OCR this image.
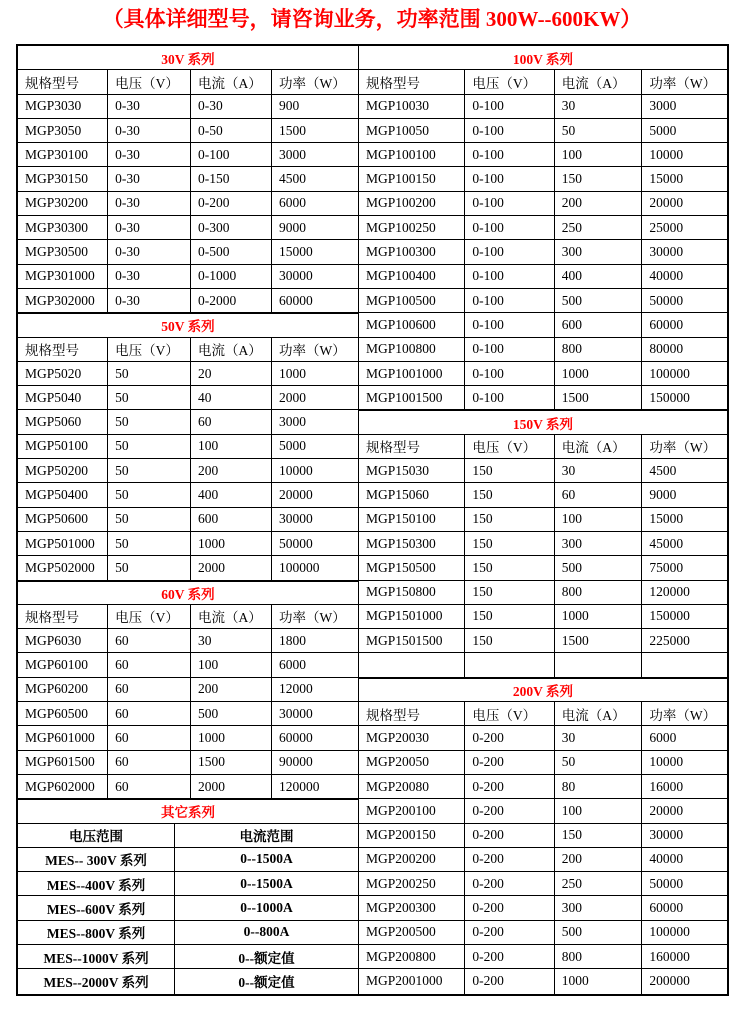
（具体详细型号，请咨询业务，功率范围 300W--600KW）
30V 系列
规格型号	电压（V）	电流（A）	功率（W）
MGP3030	0-30	0-30	900
MGP3050	0-30	0-50	1500
MGP30100	0-30	0-100	3000
MGP30150	0-30	0-150	4500
MGP30200	0-30	0-200	6000
MGP30300	0-30	0-300	9000
MGP30500	0-30	0-500	15000
MGP301000	0-30	0-1000	30000
MGP302000	0-30	0-2000	60000
50V 系列
规格型号	电压（V）	电流（A）	功率（W）
MGP5020	50	20	1000
MGP5040	50	40	2000
MGP5060	50	60	3000
MGP50100	50	100	5000
MGP50200	50	200	10000
MGP50400	50	400	20000
MGP50600	50	600	30000
MGP501000	50	1000	50000
MGP502000	50	2000	100000
60V 系列
规格型号	电压（V）	电流（A）	功率（W）
MGP6030	60	30	1800
MGP60100	60	100	6000
MGP60200	60	200	12000
MGP60500	60	500	30000
MGP601000	60	1000	60000
MGP601500	60	1500	90000
MGP602000	60	2000	120000
其它系列
电压范围	电流范围
MES-- 300V 系列	0--1500A
MES--400V 系列	0--1500A
MES--600V 系列	0--1000A
MES--800V 系列	0--800A
MES--1000V 系列	0--额定值
MES--2000V 系列	0--额定值
100V 系列
规格型号	电压（V）	电流（A）	功率（W）
MGP10030	0-100	30	3000
MGP10050	0-100	50	5000
MGP100100	0-100	100	10000
MGP100150	0-100	150	15000
MGP100200	0-100	200	20000
MGP100250	0-100	250	25000
MGP100300	0-100	300	30000
MGP100400	0-100	400	40000
MGP100500	0-100	500	50000
MGP100600	0-100	600	60000
MGP100800	0-100	800	80000
MGP1001000	0-100	1000	100000
MGP1001500	0-100	1500	150000
150V 系列
规格型号	电压（V）	电流（A）	功率（W）
MGP15030	150	30	4500
MGP15060	150	60	9000
MGP150100	150	100	15000
MGP150300	150	300	45000
MGP150500	150	500	75000
MGP150800	150	800	120000
MGP1501000	150	1000	150000
MGP1501500	150	1500	225000
200V 系列
规格型号	电压（V）	电流（A）	功率（W）
MGP20030	0-200	30	6000
MGP20050	0-200	50	10000
MGP20080	0-200	80	16000
MGP200100	0-200	100	20000
MGP200150	0-200	150	30000
MGP200200	0-200	200	40000
MGP200250	0-200	250	50000
MGP200300	0-200	300	60000
MGP200500	0-200	500	100000
MGP200800	0-200	800	160000
MGP2001000	0-200	1000	200000
